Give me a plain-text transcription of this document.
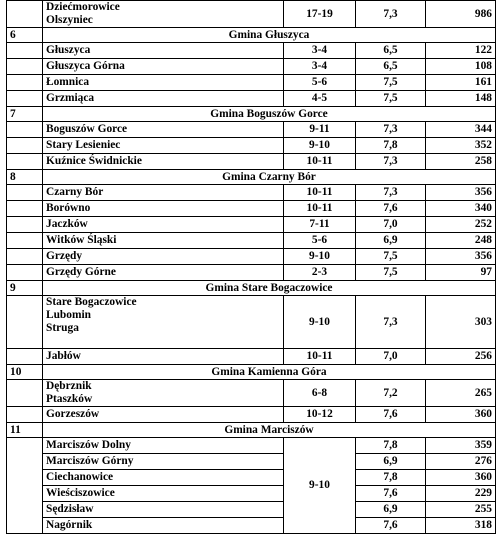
	Dziećmorowice
Olszyniec	17-19	7,3	986
6	Gmina Głuszyca			

	Głuszyca	3-4	6,5	122

	Głuszyca Górna	3-4	6,5	108

	Łomnica	5-6	7,5	161

	Grzmiąca	4-5	7,5	148
7	Gmina Boguszów Gorce			

	Boguszów Gorce	9-11	7,3	344

	Stary Lesieniec	9-10	7,8	352

	Kuźnice Świdnickie	10-11	7,3	258
8	Gmina Czarny Bór			

	Czarny Bór	10-11	7,3	356

	Borówno	10-11	7,6	340

	Jaczków	7-11	7,0	252

	Witków Śląski	5-6	6,9	248

	Grzędy	9-10	7,5	356

	Grzędy Górne	2-3	7,5	97
9	Gmina Stare Bogaczowice			

	Stare Bogaczowice
Lubomin
Struga	9-10	7,3	303

	Jabłów	10-11	7,0	256
10	Gmina Kamienna Góra			

	Dębrznik
Ptaszków	6-8	7,2	265

	Gorzeszów	10-12	7,6	360
11	Gmina Marciszów			
	Marciszów Dolny	9-10	7,8	359
	Marciszów Górny		6,9	276
	Ciechanowice		7,8	360
	Wieściszowice		7,6	229
	Sędzisław		6,9	255
	Nagórnik		7,6	318
